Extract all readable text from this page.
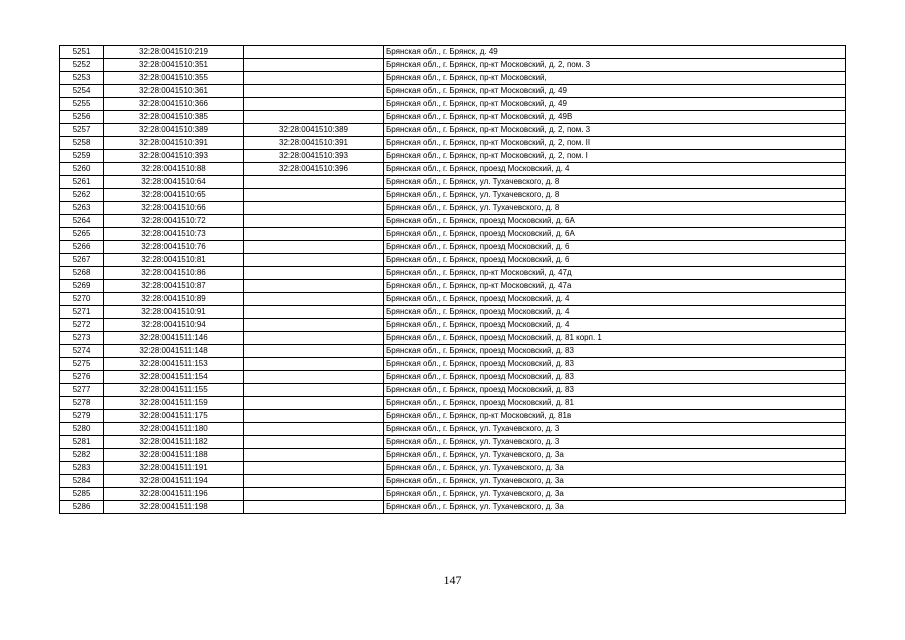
5251	32:28:0041510:219		Брянская обл., г. Брянск, д. 49
5252	32:28:0041510:351		Брянская обл., г. Брянск, пр-кт Московский, д. 2, пом. 3
5253	32:28:0041510:355		Брянская обл., г. Брянск, пр-кт Московский,
5254	32:28:0041510:361		Брянская обл., г. Брянск, пр-кт Московский, д. 49
5255	32:28:0041510:366		Брянская обл., г. Брянск, пр-кт Московский, д. 49
5256	32:28:0041510:385		Брянская обл., г. Брянск, пр-кт Московский, д. 49В
5257	32:28:0041510:389	32:28:0041510:389	Брянская обл., г. Брянск, пр-кт Московский, д. 2, пом. 3
5258	32:28:0041510:391	32:28:0041510:391	Брянская обл., г. Брянск, пр-кт Московский, д. 2, пом. II
5259	32:28:0041510:393	32:28:0041510:393	Брянская обл., г. Брянск, пр-кт Московский, д. 2, пом. I
5260	32:28:0041510:88	32:28:0041510:396	Брянская обл., г. Брянск, проезд Московский, д. 4
5261	32:28:0041510:64		Брянская обл., г. Брянск, ул. Тухачевского, д. 8
5262	32:28:0041510:65		Брянская обл., г. Брянск, ул. Тухачевского, д. 8
5263	32:28:0041510:66		Брянская обл., г. Брянск, ул. Тухачевского, д. 8
5264	32:28:0041510:72		Брянская обл., г. Брянск, проезд Московский, д. 6А
5265	32:28:0041510:73		Брянская обл., г. Брянск, проезд Московский, д. 6А
5266	32:28:0041510:76		Брянская обл., г. Брянск, проезд Московский, д. 6
5267	32:28:0041510:81		Брянская обл., г. Брянск, проезд Московский, д. 6
5268	32:28:0041510:86		Брянская обл., г. Брянск, пр-кт Московский, д. 47д
5269	32:28:0041510:87		Брянская обл., г. Брянск, пр-кт Московский, д. 47а
5270	32:28:0041510:89		Брянская обл., г. Брянск, проезд Московский, д. 4
5271	32:28:0041510:91		Брянская обл., г. Брянск, проезд Московский, д. 4
5272	32:28:0041510:94		Брянская обл., г. Брянск, проезд Московский, д. 4
5273	32:28:0041511:146		Брянская обл., г. Брянск, проезд Московский, д. 81 корп. 1
5274	32:28:0041511:148		Брянская обл., г. Брянск, проезд Московский, д. 83
5275	32:28:0041511:153		Брянская обл., г. Брянск, проезд Московский, д. 83
5276	32:28:0041511:154		Брянская обл., г. Брянск, проезд Московский, д. 83
5277	32:28:0041511:155		Брянская обл., г. Брянск, проезд Московский, д. 83
5278	32:28:0041511:159		Брянская обл., г. Брянск, проезд Московский, д. 81
5279	32:28:0041511:175		Брянская обл., г. Брянск, пр-кт Московский, д. 81в
5280	32:28:0041511:180		Брянская обл., г. Брянск, ул. Тухачевского, д. 3
5281	32:28:0041511:182		Брянская обл., г. Брянск, ул. Тухачевского, д. 3
5282	32:28:0041511:188		Брянская обл., г. Брянск, ул. Тухачевского, д. 3а
5283	32:28:0041511:191		Брянская обл., г. Брянск, ул. Тухачевского, д. 3а
5284	32:28:0041511:194		Брянская обл., г. Брянск, ул. Тухачевского, д. 3а
5285	32:28:0041511:196		Брянская обл., г. Брянск, ул. Тухачевского, д. 3а
5286	32:28:0041511:198		Брянская обл., г. Брянск, ул. Тухачевского, д. 3а
147
